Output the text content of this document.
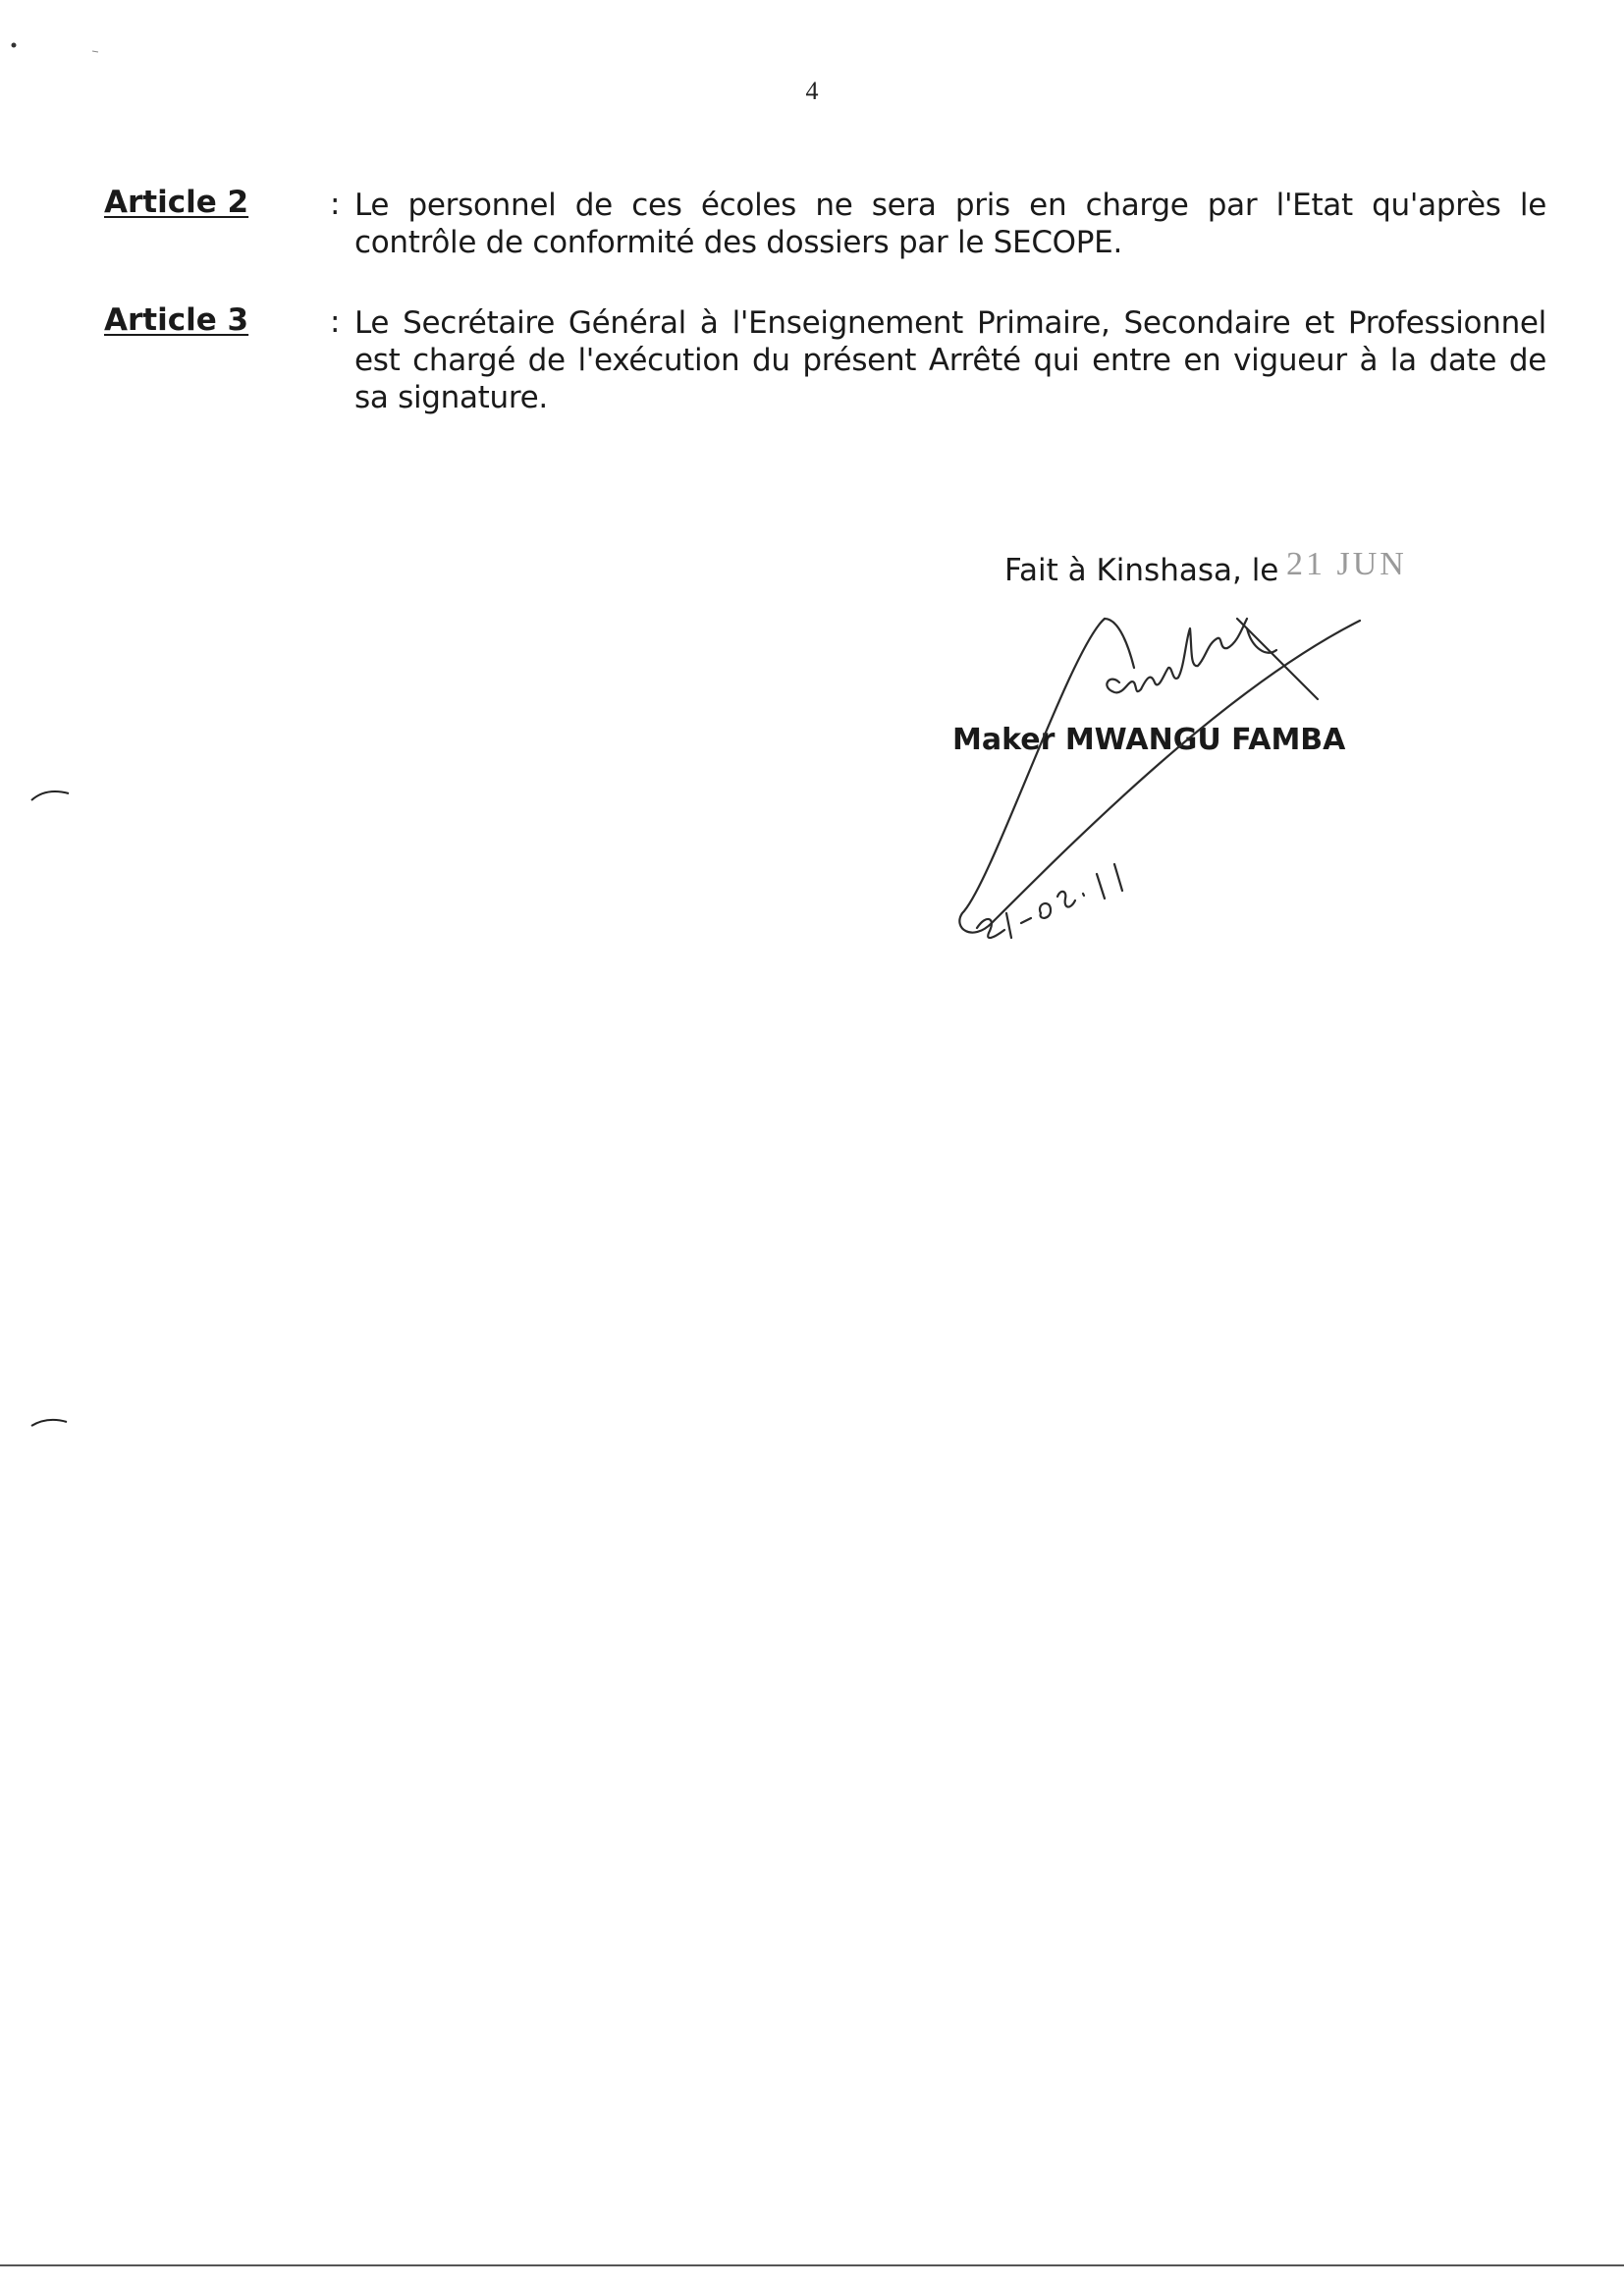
4
Article 2	: Le personnel de ces écoles ne sera pris en charge par l'Etat qu'après le contrôle de conformité des dossiers par le SECOPE.
Article 3	: Le Secrétaire Général à l'Enseignement Primaire, Secondaire et Professionnel est chargé de l'exécution du présent Arrêté qui entre en vigueur à la date de sa signature.
Fait à Kinshasa, le 21 JUN
Maker MWANGU FAMBA
